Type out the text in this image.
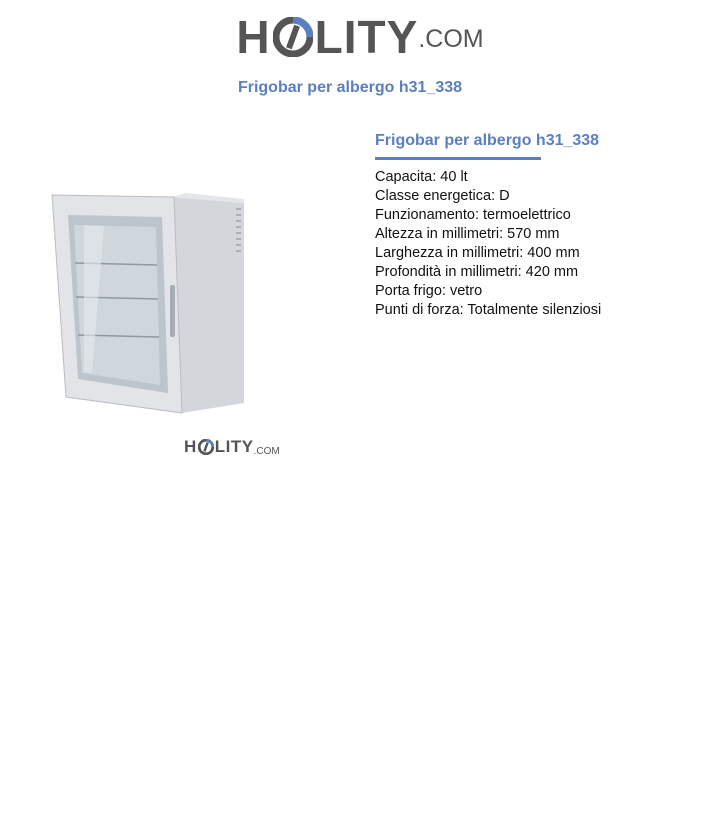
H LITY.COM
Frigobar per albergo h31_338
H LITY.COM
Frigobar per albergo h31_338
Capacita: 40 lt
Classe energetica: D
Funzionamento: termoelettrico
Altezza in millimetri: 570 mm
Larghezza in millimetri: 400 mm
Profondità in millimetri: 420 mm
Porta frigo: vetro
Punti di forza: Totalmente silenziosi
